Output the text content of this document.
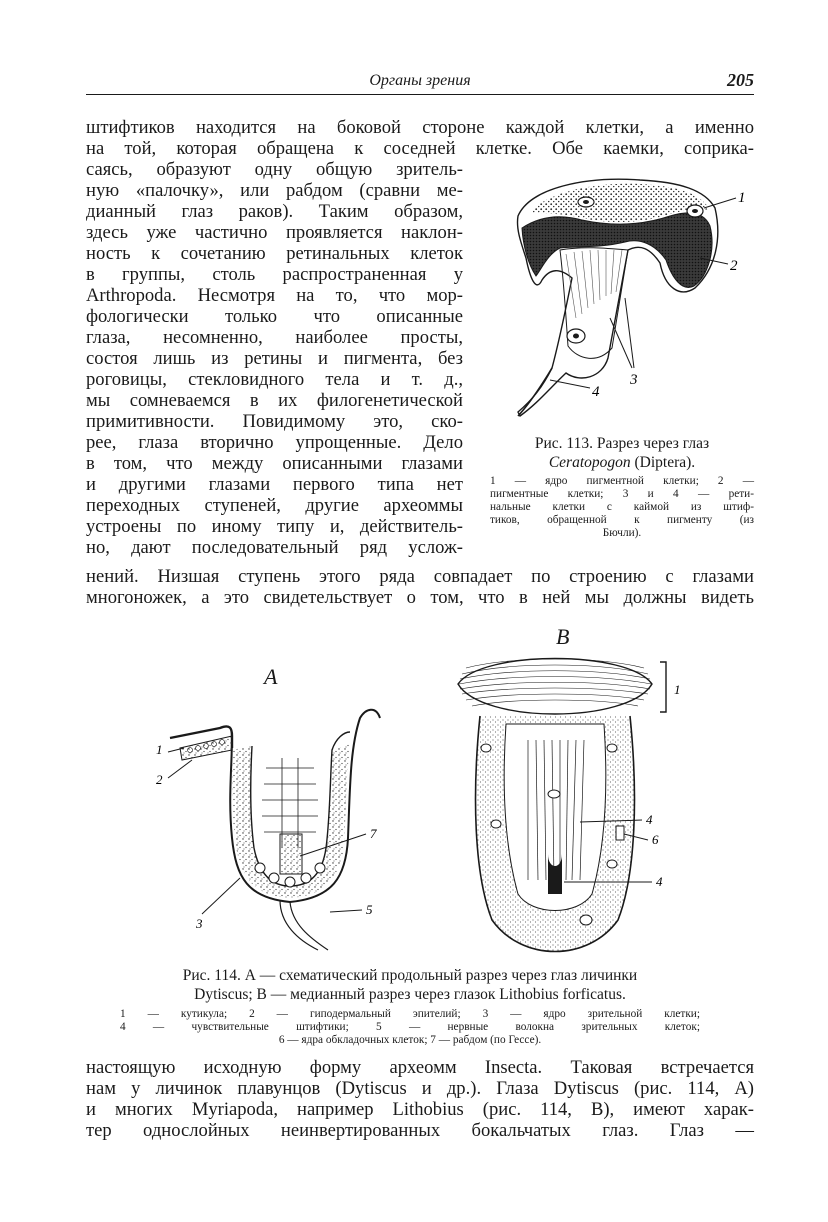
Органы зрения	205
штифтиков находится на боковой стороне каждой клетки, а именно
на той, которая обращена к соседней клетке. Обе каемки, соприка-
саясь, образуют одну общую зритель-
ную «палочку», или рабдом (сравни ме-
дианный глаз раков). Таким образом,
здесь уже частично проявляется наклон-
ность к сочетанию ретинальных клеток
в группы, столь распространенная у
Arthropoda. Несмотря на то, что мор-
фологически только что описанные
глаза, несомненно, наиболее просты,
состоя лишь из ретины и пигмента, без
роговицы, стекловидного тела и т. д.,
мы сомневаемся в их филогенетической
примитивности. Повидимому это, ско-
рее, глаза вторично упрощенные. Дело
в том, что между описанными глазами
и другими глазами первого типа нет
переходных ступеней, другие археоммы
устроены по иному типу и, действитель-
но, дают последовательный ряд услож-
нений. Низшая ступень этого ряда совпадает по строению с глазами
многоножек, а это свидетельствует о том, что в ней мы должны видеть
1
2
3
4
Рис. 113. Разрез через глаз
Ceratopogon (Diptera).
1 — ядро пигментной клетки; 2 —
пигментные клетки; 3 и 4 — рети-
нальные клетки с каймой из штиф-
тиков, обращенной к пигменту (из
Бючли).
А
В
1
2
3
5
7
1
4
6
4
Рис. 114. А — схематический продольный разрез через глаз личинки
Dytiscus; В — медианный разрез через глазок Lithobius forficatus.
1 — кутикула; 2 — гиподермальный эпителий; 3 — ядро зрительной клетки;
4 — чувствительные штифтики; 5 — нервные волокна зрительных клеток;
6 — ядра обкладочных клеток; 7 — рабдом (по Гессе).
настоящую исходную форму археомм Insecta. Таковая встречается
нам у личинок плавунцов (Dytiscus и др.). Глаза Dytiscus (рис. 114, A)
и многих Myriapoda, например Lithobius (рис. 114, B), имеют харак-
тер однослойных неинвертированных бокальчатых глаз. Глаз —
